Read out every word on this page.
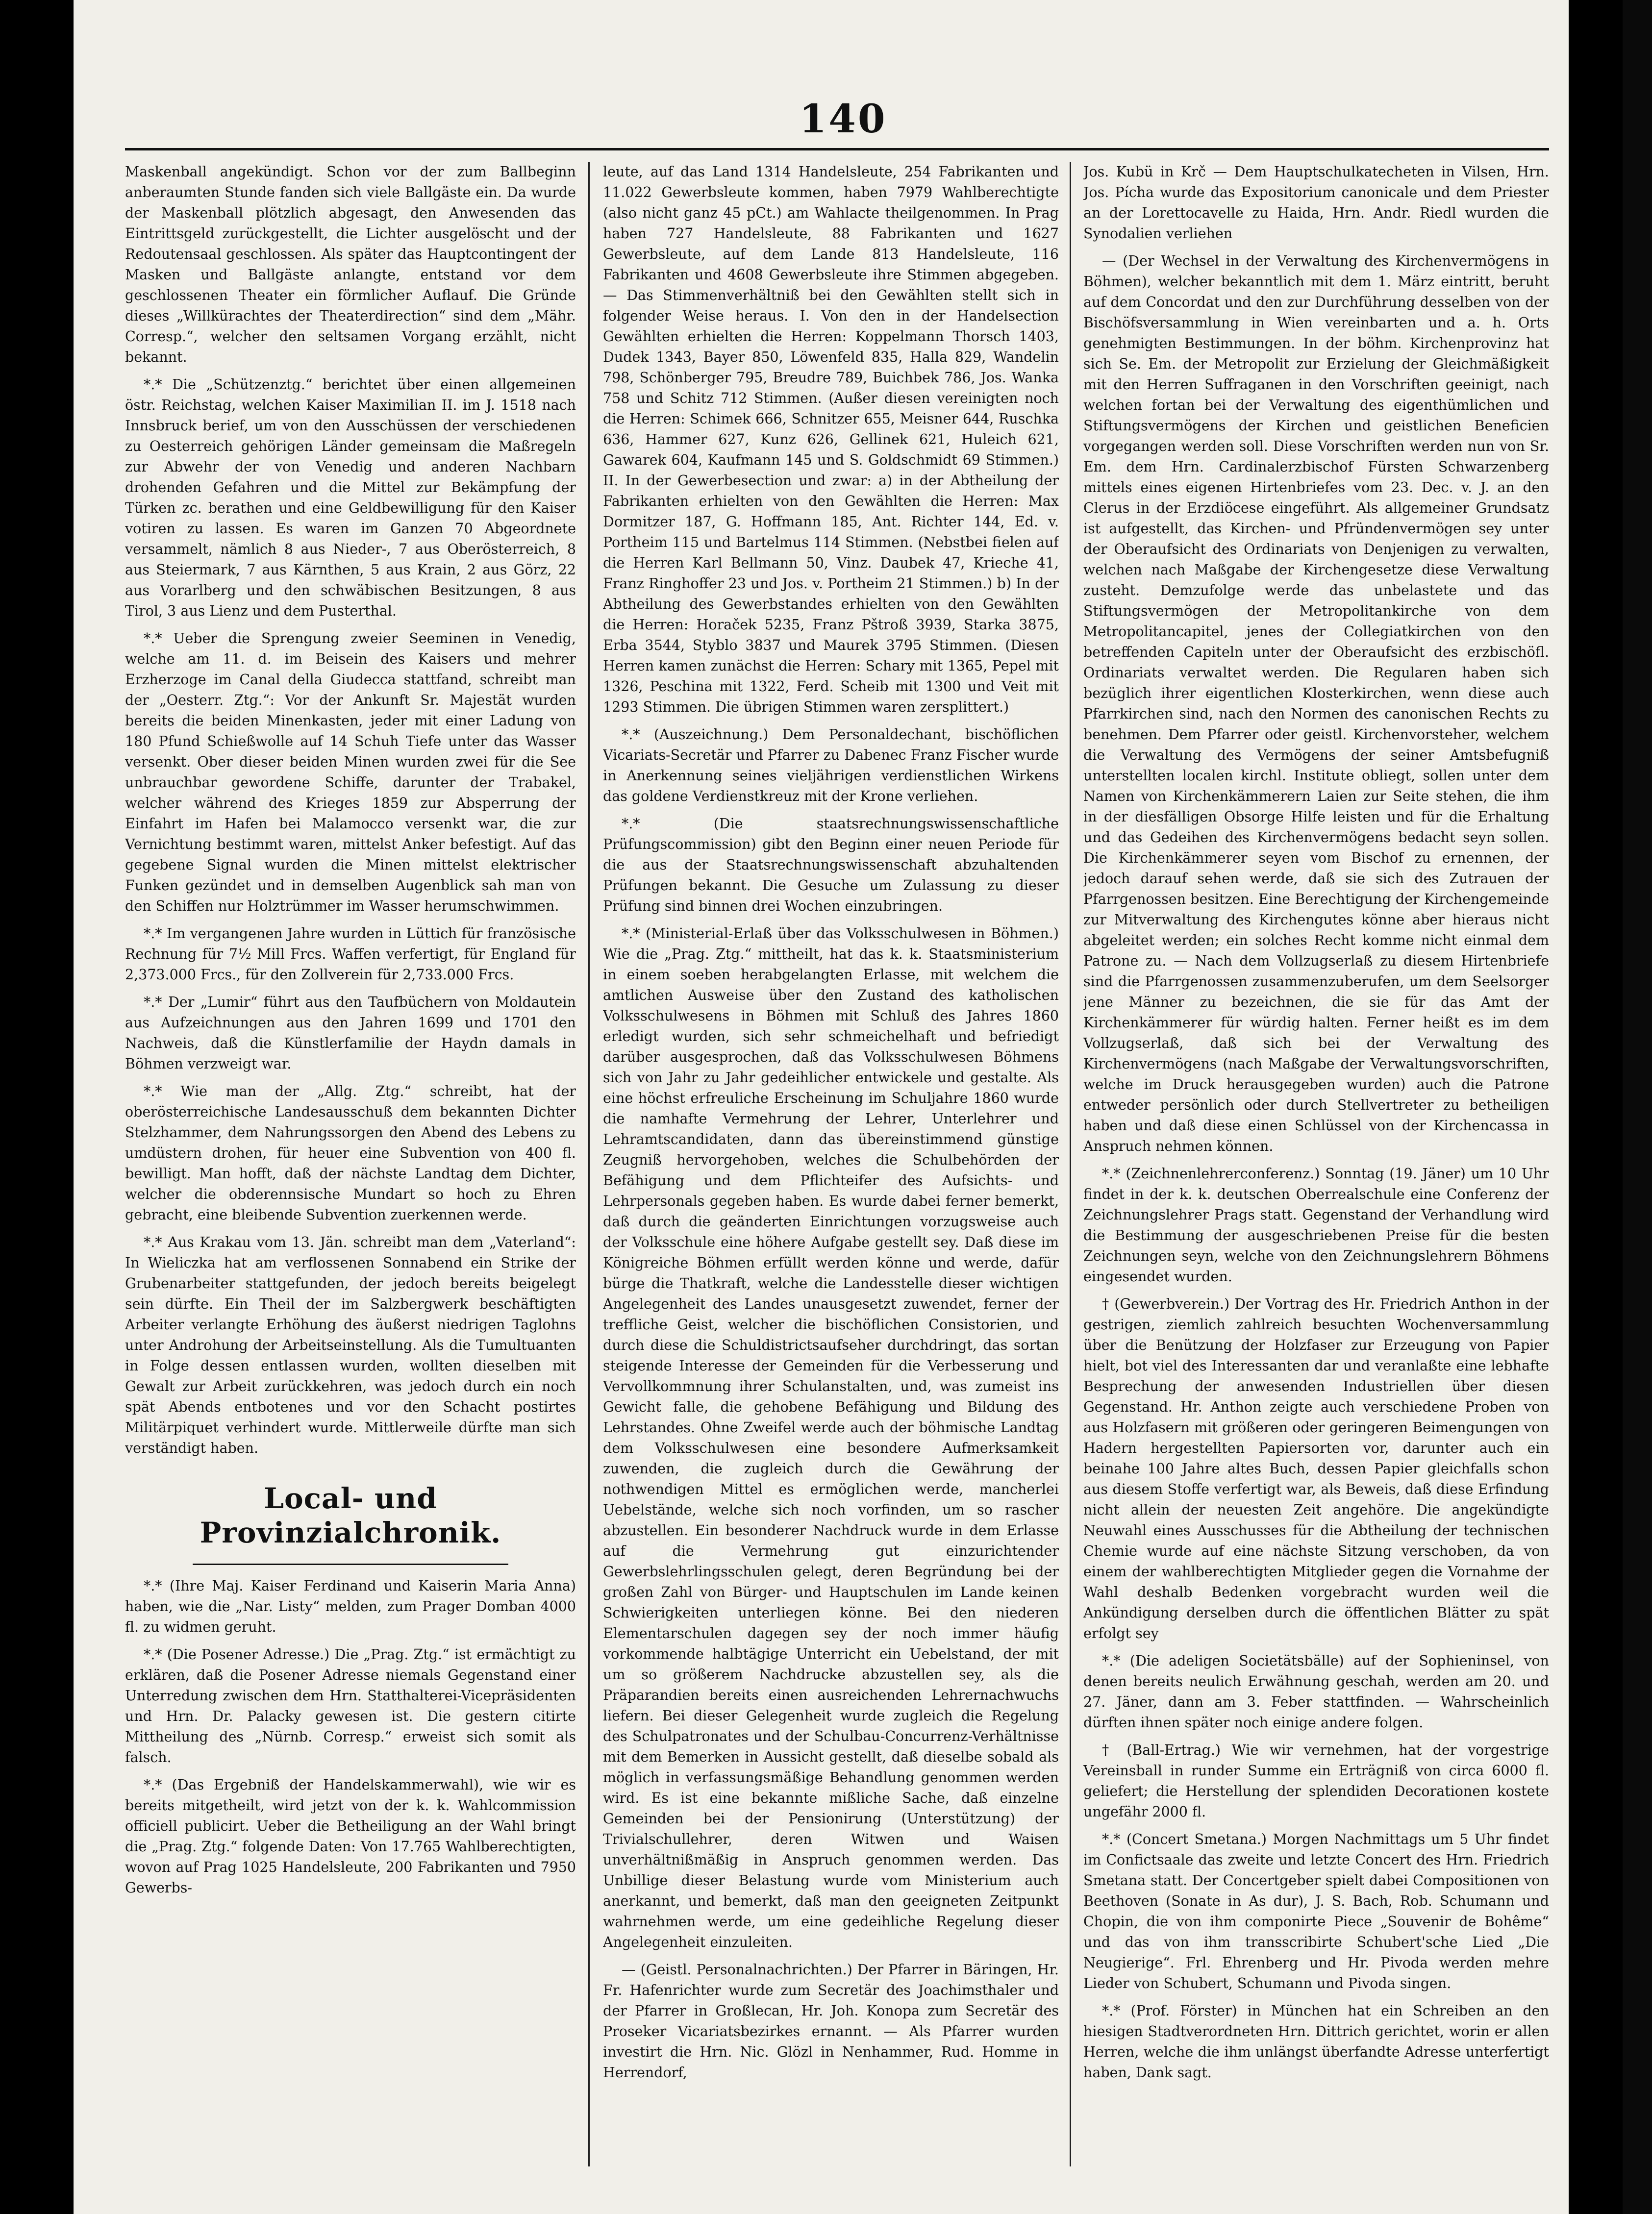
140

Maskenball angekündigt. Schon vor der zum Ballbeginn anberaumten Stunde fanden sich viele Ballgäste ein. Da wurde der Maskenball plötzlich abgesagt, den Anwesenden das Eintrittsgeld zurückgestellt, die Lichter ausgelöscht und der Redoutensaal geschlossen. Als später das Hauptcontingent der Masken und Ballgäste anlangte, entstand vor dem geschlossenen Theater ein förmlicher Auflauf. Die Gründe dieses „Willkürachtes der Theaterdirection“ sind dem „Mähr. Corresp.“, welcher den seltsamen Vorgang erzählt, nicht bekannt.

*.* Die „Schützenztg.“ berichtet über einen allgemeinen östr. Reichstag, welchen Kaiser Maximilian II. im J. 1518 nach Innsbruck berief, um von den Ausschüssen der verschiedenen zu Oesterreich gehörigen Länder gemeinsam die Maßregeln zur Abwehr der von Venedig und anderen Nachbarn drohenden Gefahren und die Mittel zur Bekämpfung der Türken zc. berathen und eine Geldbewilligung für den Kaiser votiren zu lassen. Es waren im Ganzen 70 Abgeordnete versammelt, nämlich 8 aus Nieder-, 7 aus Oberösterreich, 8 aus Steiermark, 7 aus Kärnthen, 5 aus Krain, 2 aus Görz, 22 aus Vorarlberg und den schwäbischen Besitzungen, 8 aus Tirol, 3 aus Lienz und dem Pusterthal.

*.* Ueber die Sprengung zweier Seeminen in Venedig, welche am 11. d. im Beisein des Kaisers und mehrer Erzherzoge im Canal della Giudecca stattfand, schreibt man der „Oesterr. Ztg.“: Vor der Ankunft Sr. Majestät wurden bereits die beiden Minenkasten, jeder mit einer Ladung von 180 Pfund Schießwolle auf 14 Schuh Tiefe unter das Wasser versenkt. Ober dieser beiden Minen wurden zwei für die See unbrauchbar gewordene Schiffe, darunter der Trabakel, welcher während des Krieges 1859 zur Absperrung der Einfahrt im Hafen bei Malamocco versenkt war, die zur Vernichtung bestimmt waren, mittelst Anker befestigt. Auf das gegebene Signal wurden die Minen mittelst elektrischer Funken gezündet und in demselben Augenblick sah man von den Schiffen nur Holztrümmer im Wasser herumschwimmen.

*.* Im vergangenen Jahre wurden in Lüttich für französische Rechnung für 7½ Mill Frcs. Waffen verfertigt, für England für 2,373.000 Frcs., für den Zollverein für 2,733.000 Frcs.

*.* Der „Lumir“ führt aus den Taufbüchern von Moldautein aus Aufzeichnungen aus den Jahren 1699 und 1701 den Nachweis, daß die Künstlerfamilie der Haydn damals in Böhmen verzweigt war.

*.* Wie man der „Allg. Ztg.“ schreibt, hat der oberösterreichische Landesausschuß dem bekannten Dichter Stelzhammer, dem Nahrungssorgen den Abend des Lebens zu umdüstern drohen, für heuer eine Subvention von 400 fl. bewilligt. Man hofft, daß der nächste Landtag dem Dichter, welcher die obderennsische Mundart so hoch zu Ehren gebracht, eine bleibende Subvention zuerkennen werde.

*.* Aus Krakau vom 13. Jän. schreibt man dem „Vaterland“: In Wieliczka hat am verflossenen Sonnabend ein Strike der Grubenarbeiter stattgefunden, der jedoch bereits beigelegt sein dürfte. Ein Theil der im Salzbergwerk beschäftigten Arbeiter verlangte Erhöhung des äußerst niedrigen Taglohns unter Androhung der Arbeitseinstellung. Als die Tumultuanten in Folge dessen entlassen wurden, wollten dieselben mit Gewalt zur Arbeit zurückkehren, was jedoch durch ein noch spät Abends entbotenes und vor den Schacht postirtes Militärpiquet verhindert wurde. Mittlerweile dürfte man sich verständigt haben.

Local- und Provinzialchronik.

*.* (Ihre Maj. Kaiser Ferdinand und Kaiserin Maria Anna) haben, wie die „Nar. Listy“ melden, zum Prager Domban 4000 fl. zu widmen geruht.

*.* (Die Posener Adresse.) Die „Prag. Ztg.“ ist ermächtigt zu erklären, daß die Posener Adresse niemals Gegenstand einer Unterredung zwischen dem Hrn. Statthalterei-Vicepräsidenten und Hrn. Dr. Palacky gewesen ist. Die gestern citirte Mittheilung des „Nürnb. Corresp.“ erweist sich somit als falsch.

*.* (Das Ergebniß der Handelskammerwahl), wie wir es bereits mitgetheilt, wird jetzt von der k. k. Wahlcommission officiell publicirt. Ueber die Betheiligung an der Wahl bringt die „Prag. Ztg.“ folgende Daten: Von 17.765 Wahlberechtigten, wovon auf Prag 1025 Handelsleute, 200 Fabrikanten und 7950 Gewerbs-

leute, auf das Land 1314 Handelsleute, 254 Fabrikanten und 11.022 Gewerbsleute kommen, haben 7979 Wahlberechtigte (also nicht ganz 45 pCt.) am Wahlacte theilgenommen. In Prag haben 727 Handelsleute, 88 Fabrikanten und 1627 Gewerbsleute, auf dem Lande 813 Handelsleute, 116 Fabrikanten und 4608 Gewerbsleute ihre Stimmen abgegeben. — Das Stimmenverhältniß bei den Gewählten stellt sich in folgender Weise heraus. I. Von den in der Handelsection Gewählten erhielten die Herren: Koppelmann Thorsch 1403, Dudek 1343, Bayer 850, Löwenfeld 835, Halla 829, Wandelin 798, Schönberger 795, Breudre 789, Buichbek 786, Jos. Wanka 758 und Schitz 712 Stimmen. (Außer diesen vereinigten noch die Herren: Schimek 666, Schnitzer 655, Meisner 644, Ruschka 636, Hammer 627, Kunz 626, Gellinek 621, Huleich 621, Gawarek 604, Kaufmann 145 und S. Goldschmidt 69 Stimmen.) II. In der Gewerbesection und zwar: a) in der Abtheilung der Fabrikanten erhielten von den Gewählten die Herren: Max Dormitzer 187, G. Hoffmann 185, Ant. Richter 144, Ed. v. Portheim 115 und Bartelmus 114 Stimmen. (Nebstbei fielen auf die Herren Karl Bellmann 50, Vinz. Daubek 47, Krieche 41, Franz Ringhoffer 23 und Jos. v. Portheim 21 Stimmen.) b) In der Abtheilung des Gewerbstandes erhielten von den Gewählten die Herren: Horaček 5235, Franz Pštroß 3939, Starka 3875, Erba 3544, Styblo 3837 und Maurek 3795 Stimmen. (Diesen Herren kamen zunächst die Herren: Schary mit 1365, Pepel mit 1326, Peschina mit 1322, Ferd. Scheib mit 1300 und Veit mit 1293 Stimmen. Die übrigen Stimmen waren zersplittert.)

*.* (Auszeichnung.) Dem Personaldechant, bischöflichen Vicariats-Secretär und Pfarrer zu Dabenec Franz Fischer wurde in Anerkennung seines vieljährigen verdienstlichen Wirkens das goldene Verdienstkreuz mit der Krone verliehen.

*.* (Die staatsrechnungswissenschaftliche Prüfungscommission) gibt den Beginn einer neuen Periode für die aus der Staatsrechnungswissenschaft abzuhaltenden Prüfungen bekannt. Die Gesuche um Zulassung zu dieser Prüfung sind binnen drei Wochen einzubringen.

*.* (Ministerial-Erlaß über das Volksschulwesen in Böhmen.) Wie die „Prag. Ztg.“ mittheilt, hat das k. k. Staatsministerium in einem soeben herabgelangten Erlasse, mit welchem die amtlichen Ausweise über den Zustand des katholischen Volksschulwesens in Böhmen mit Schluß des Jahres 1860 erledigt wurden, sich sehr schmeichelhaft und befriedigt darüber ausgesprochen, daß das Volksschulwesen Böhmens sich von Jahr zu Jahr gedeihlicher entwickele und gestalte. Als eine höchst erfreuliche Erscheinung im Schuljahre 1860 wurde die namhafte Vermehrung der Lehrer, Unterlehrer und Lehramtscandidaten, dann das übereinstimmend günstige Zeugniß hervorgehoben, welches die Schulbehörden der Befähigung und dem Pflichteifer des Aufsichts- und Lehrpersonals gegeben haben. Es wurde dabei ferner bemerkt, daß durch die geänderten Einrichtungen vorzugsweise auch der Volksschule eine höhere Aufgabe gestellt sey. Daß diese im Königreiche Böhmen erfüllt werden könne und werde, dafür bürge die Thatkraft, welche die Landesstelle dieser wichtigen Angelegenheit des Landes unausgesetzt zuwendet, ferner der treffliche Geist, welcher die bischöflichen Consistorien, und durch diese die Schuldistrictsaufseher durchdringt, das sortan steigende Interesse der Gemeinden für die Verbesserung und Vervollkommnung ihrer Schulanstalten, und, was zumeist ins Gewicht falle, die gehobene Befähigung und Bildung des Lehrstandes. Ohne Zweifel werde auch der böhmische Landtag dem Volksschulwesen eine besondere Aufmerksamkeit zuwenden, die zugleich durch die Gewährung der nothwendigen Mittel es ermöglichen werde, mancherlei Uebelstände, welche sich noch vorfinden, um so rascher abzustellen. Ein besonderer Nachdruck wurde in dem Erlasse auf die Vermehrung gut einzurichtender Gewerbslehrlingsschulen gelegt, deren Begründung bei der großen Zahl von Bürger- und Hauptschulen im Lande keinen Schwierigkeiten unterliegen könne. Bei den niederen Elementarschulen dagegen sey der noch immer häufig vorkommende halbtägige Unterricht ein Uebelstand, der mit um so größerem Nachdrucke abzustellen sey, als die Präparandien bereits einen ausreichenden Lehrernachwuchs liefern. Bei dieser Gelegenheit wurde zugleich die Regelung des Schulpatronates und der Schulbau-Concurrenz-Verhältnisse mit dem Bemerken in Aussicht gestellt, daß dieselbe sobald als möglich in verfassungsmäßige Behandlung genommen werden wird. Es ist eine bekannte mißliche Sache, daß einzelne Gemeinden bei der Pensionirung (Unterstützung) der Trivialschullehrer, deren Witwen und Waisen unverhältnißmäßig in Anspruch genommen werden. Das Unbillige dieser Belastung wurde vom Ministerium auch anerkannt, und bemerkt, daß man den geeigneten Zeitpunkt wahrnehmen werde, um eine gedeihliche Regelung dieser Angelegenheit einzuleiten.

— (Geistl. Personalnachrichten.) Der Pfarrer in Bäringen, Hr. Fr. Hafenrichter wurde zum Secretär des Joachimsthaler und der Pfarrer in Großlecan, Hr. Joh. Konopa zum Secretär des Proseker Vicariatsbezirkes ernannt. — Als Pfarrer wurden investirt die Hrn. Nic. Glözl in Nenhammer, Rud. Homme in Herrendorf,

Jos. Kubü in Krč — Dem Hauptschulkatecheten in Vilsen, Hrn. Jos. Pícha wurde das Expositorium canonicale und dem Priester an der Lorettocavelle zu Haida, Hrn. Andr. Riedl wurden die Synodalien verliehen

— (Der Wechsel in der Verwaltung des Kirchenvermögens in Böhmen), welcher bekanntlich mit dem 1. März eintritt, beruht auf dem Concordat und den zur Durchführung desselben von der Bischöfsversammlung in Wien vereinbarten und a. h. Orts genehmigten Bestimmungen. In der böhm. Kirchenprovinz hat sich Se. Em. der Metropolit zur Erzielung der Gleichmäßigkeit mit den Herren Suffraganen in den Vorschriften geeinigt, nach welchen fortan bei der Verwaltung des eigenthümlichen und Stiftungsvermögens der Kirchen und geistlichen Beneficien vorgegangen werden soll. Diese Vorschriften werden nun von Sr. Em. dem Hrn. Cardinalerzbischof Fürsten Schwarzenberg mittels eines eigenen Hirtenbriefes vom 23. Dec. v. J. an den Clerus in der Erzdiöcese eingeführt. Als allgemeiner Grundsatz ist aufgestellt, das Kirchen- und Pfründenvermögen sey unter der Oberaufsicht des Ordinariats von Denjenigen zu verwalten, welchen nach Maßgabe der Kirchengesetze diese Verwaltung zusteht. Demzufolge werde das unbelastete und das Stiftungsvermögen der Metropolitankirche von dem Metropolitancapitel, jenes der Collegiatkirchen von den betreffenden Capiteln unter der Oberaufsicht des erzbischöfl. Ordinariats verwaltet werden. Die Regularen haben sich bezüglich ihrer eigentlichen Klosterkirchen, wenn diese auch Pfarrkirchen sind, nach den Normen des canonischen Rechts zu benehmen. Dem Pfarrer oder geistl. Kirchenvorsteher, welchem die Verwaltung des Vermögens der seiner Amtsbefugniß unterstellten localen kirchl. Institute obliegt, sollen unter dem Namen von Kirchenkämmerern Laien zur Seite stehen, die ihm in der diesfälligen Obsorge Hilfe leisten und für die Erhaltung und das Gedeihen des Kirchenvermögens bedacht seyn sollen. Die Kirchenkämmerer seyen vom Bischof zu ernennen, der jedoch darauf sehen werde, daß sie sich des Zutrauen der Pfarrgenossen besitzen. Eine Berechtigung der Kirchengemeinde zur Mitverwaltung des Kirchengutes könne aber hieraus nicht abgeleitet werden; ein solches Recht komme nicht einmal dem Patrone zu. — Nach dem Vollzugserlaß zu diesem Hirtenbriefe sind die Pfarrgenossen zusammenzuberufen, um dem Seelsorger jene Männer zu bezeichnen, die sie für das Amt der Kirchenkämmerer für würdig halten. Ferner heißt es im dem Vollzugserlaß, daß sich bei der Verwaltung des Kirchenvermögens (nach Maßgabe der Verwaltungsvorschriften, welche im Druck herausgegeben wurden) auch die Patrone entweder persönlich oder durch Stellvertreter zu betheiligen haben und daß diese einen Schlüssel von der Kirchencassa in Anspruch nehmen können.

*.* (Zeichnenlehrerconferenz.) Sonntag (19. Jäner) um 10 Uhr findet in der k. k. deutschen Oberrealschule eine Conferenz der Zeichnungslehrer Prags statt. Gegenstand der Verhandlung wird die Bestimmung der ausgeschriebenen Preise für die besten Zeichnungen seyn, welche von den Zeichnungslehrern Böhmens eingesendet wurden.

† (Gewerbverein.) Der Vortrag des Hr. Friedrich Anthon in der gestrigen, ziemlich zahlreich besuchten Wochenversammlung über die Benützung der Holzfaser zur Erzeugung von Papier hielt, bot viel des Interessanten dar und veranlaßte eine lebhafte Besprechung der anwesenden Industriellen über diesen Gegenstand. Hr. Anthon zeigte auch verschiedene Proben von aus Holzfasern mit größeren oder geringeren Beimengungen von Hadern hergestellten Papiersorten vor, darunter auch ein beinahe 100 Jahre altes Buch, dessen Papier gleichfalls schon aus diesem Stoffe verfertigt war, als Beweis, daß diese Erfindung nicht allein der neuesten Zeit angehöre. Die angekündigte Neuwahl eines Ausschusses für die Abtheilung der technischen Chemie wurde auf eine nächste Sitzung verschoben, da von einem der wahlberechtigten Mitglieder gegen die Vornahme der Wahl deshalb Bedenken vorgebracht wurden weil die Ankündigung derselben durch die öffentlichen Blätter zu spät erfolgt sey

*.* (Die adeligen Societätsbälle) auf der Sophieninsel, von denen bereits neulich Erwähnung geschah, werden am 20. und 27. Jäner, dann am 3. Feber stattfinden. — Wahrscheinlich dürften ihnen später noch einige andere folgen.

† (Ball-Ertrag.) Wie wir vernehmen, hat der vorgestrige Vereinsball in runder Summe ein Erträgniß von circa 6000 fl. geliefert; die Herstellung der splendiden Decorationen kostete ungefähr 2000 fl.

*.* (Concert Smetana.) Morgen Nachmittags um 5 Uhr findet im Confictsaale das zweite und letzte Concert des Hrn. Friedrich Smetana statt. Der Concertgeber spielt dabei Compositionen von Beethoven (Sonate in As dur), J. S. Bach, Rob. Schumann und Chopin, die von ihm componirte Piece „Souvenir de Bohême“ und das von ihm transscribirte Schubert'sche Lied „Die Neugierige“. Frl. Ehrenberg und Hr. Pivoda werden mehre Lieder von Schubert, Schumann und Pivoda singen.

*.* (Prof. Förster) in München hat ein Schreiben an den hiesigen Stadtverordneten Hrn. Dittrich gerichtet, worin er allen Herren, welche die ihm unlängst überfandte Adresse unterfertigt haben, Dank sagt.
